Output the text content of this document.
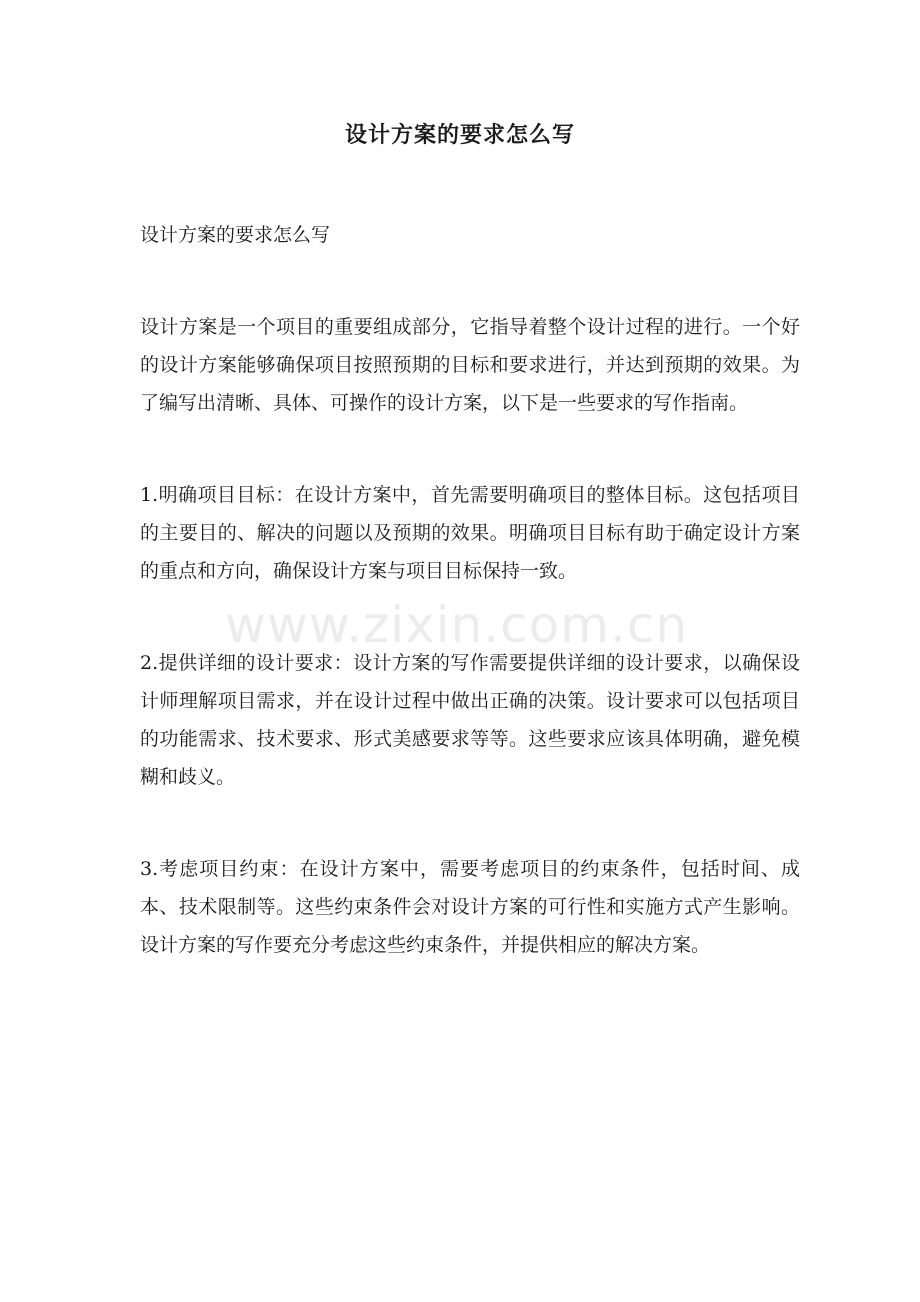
设计方案的要求怎么写

设计方案的要求怎么写

设计方案是一个项目的重要组成部分，它指导着整个设计过程的进行。一个好的设计方案能够确保项目按照预期的目标和要求进行，并达到预期的效果。为了编写出清晰、具体、可操作的设计方案，以下是一些要求的写作指南。

1.明确项目目标：在设计方案中，首先需要明确项目的整体目标。这包括项目的主要目的、解决的问题以及预期的效果。明确项目目标有助于确定设计方案的重点和方向，确保设计方案与项目目标保持一致。

2.提供详细的设计要求：设计方案的写作需要提供详细的设计要求，以确保设计师理解项目需求，并在设计过程中做出正确的决策。设计要求可以包括项目的功能需求、技术要求、形式美感要求等等。这些要求应该具体明确，避免模糊和歧义。

3.考虑项目约束：在设计方案中，需要考虑项目的约束条件，包括时间、成本、技术限制等。这些约束条件会对设计方案的可行性和实施方式产生影响。设计方案的写作要充分考虑这些约束条件，并提供相应的解决方案。

www.zixin.com.cn
